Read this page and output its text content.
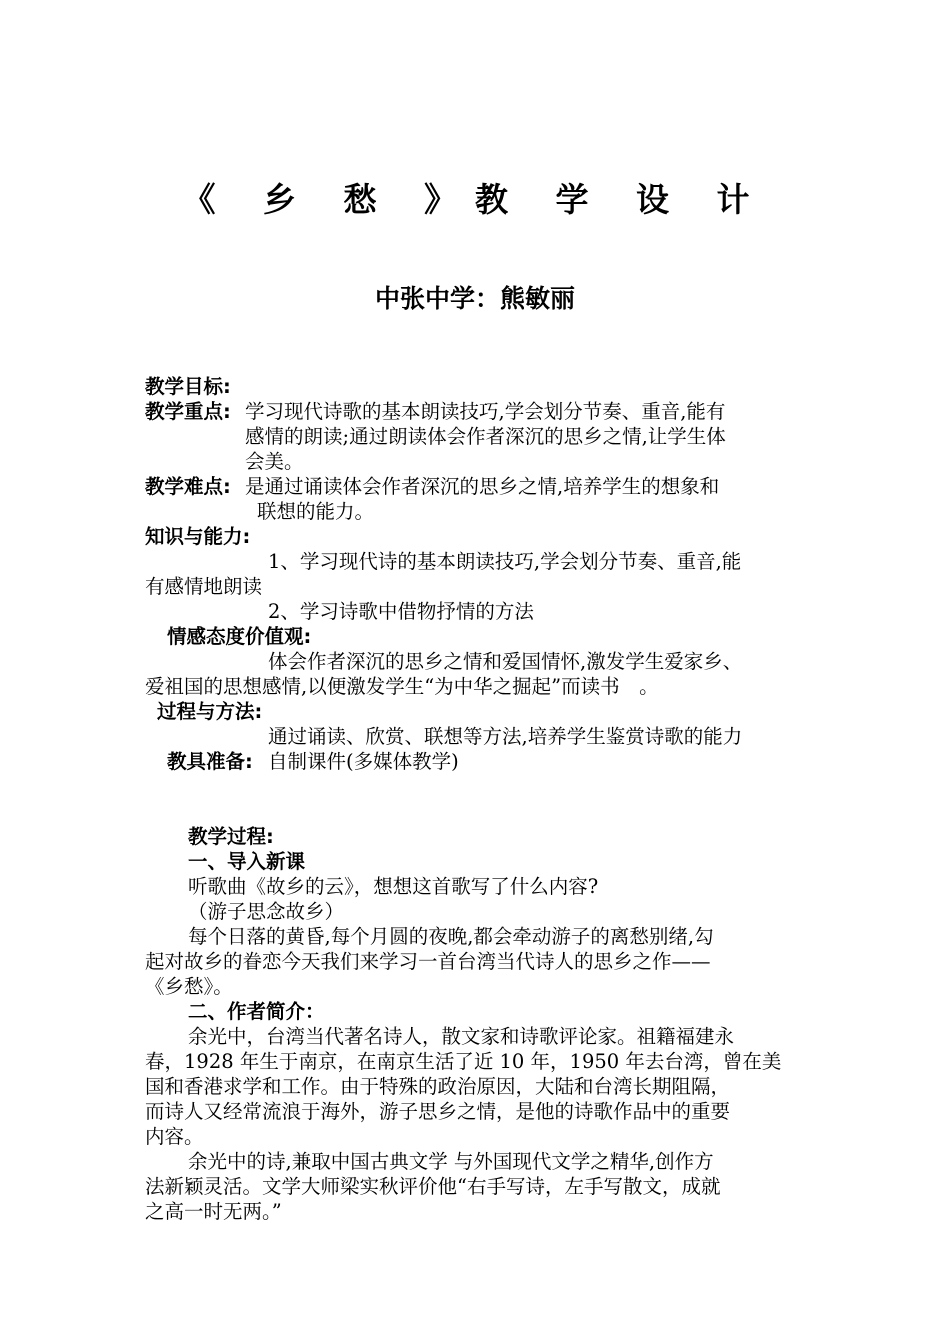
《 乡 愁 》教 学 设 计
中张中学：熊敏丽
教学目标:
教学重点: 学习现代诗歌的基本朗读技巧,学会划分节奏、重音,能有
感情的朗读;通过朗读体会作者深沉的思乡之情,让学生体
会美。
教学难点: 是通过诵读体会作者深沉的思乡之情,培养学生的想象和
联想的能力。
知识与能力:
1、学习现代诗的基本朗读技巧,学会划分节奏、重音,能
有感情地朗读
2、学习诗歌中借物抒情的方法
情感态度价值观:
体会作者深沉的思乡之情和爱国情怀,激发学生爱家乡、
爱祖国的思想感情,以便激发学生“为中华之掘起”而读书　。
过程与方法:
通过诵读、欣赏、联想等方法,培养学生鉴赏诗歌的能力
教具准备: 自制课件(多媒体教学)
教学过程:
一、导入新课
听歌曲《故乡的云》，想想这首歌写了什么内容?
（游子思念故乡）
每个日落的黄昏,每个月圆的夜晚,都会牵动游子的离愁别绪,勾
起对故乡的眷恋今天我们来学习一首台湾当代诗人的思乡之作——
《乡愁》。
二、作者简介：
余光中，台湾当代著名诗人，散文家和诗歌评论家。祖籍福建永
春，1928 年生于南京，在南京生活了近 10 年，1950 年去台湾，曾在美
国和香港求学和工作。由于特殊的政治原因，大陆和台湾长期阻隔，
而诗人又经常流浪于海外，游子思乡之情，是他的诗歌作品中的重要
内容。
余光中的诗,兼取中国古典文学 与外国现代文学之精华,创作方
法新颖灵活。文学大师梁实秋评价他“右手写诗，左手写散文，成就
之高一时无两。”
